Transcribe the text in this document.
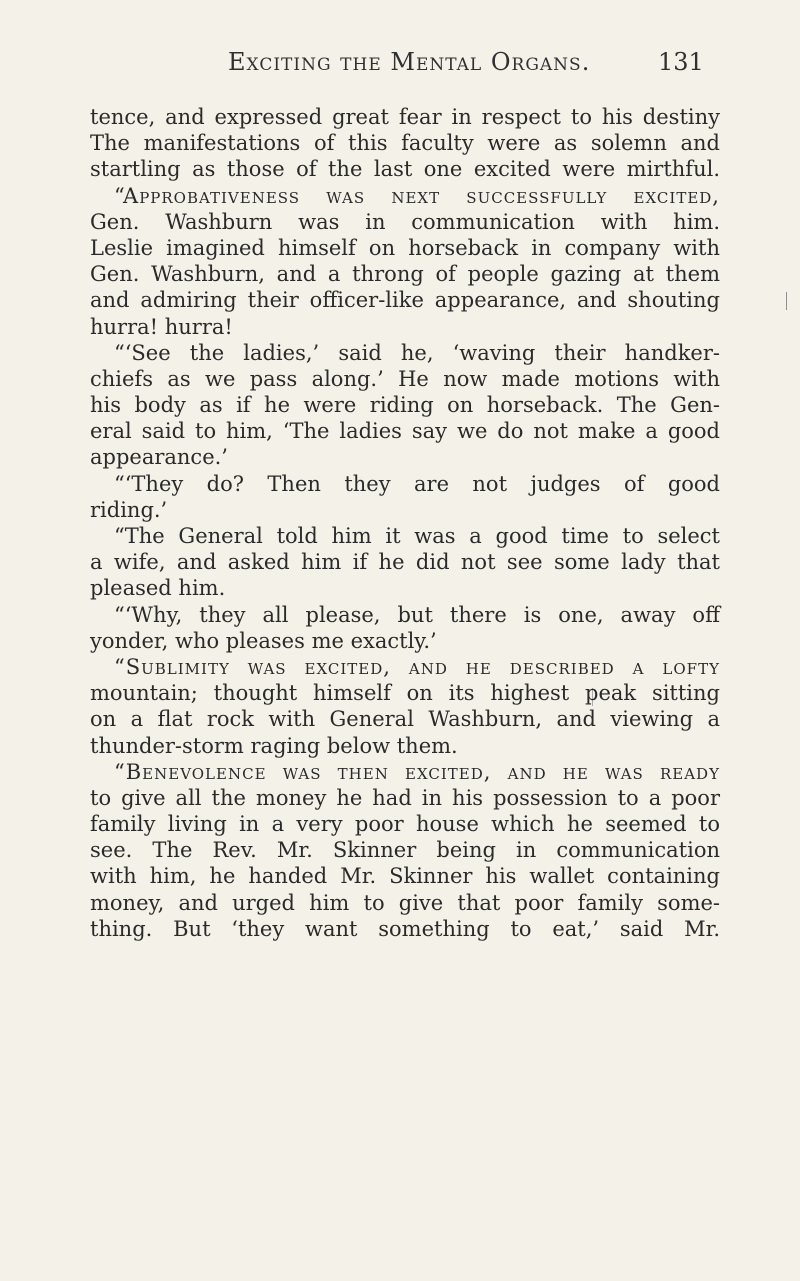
Exciting the Mental Organs.	131
tence, and expressed great fear in respect to his destiny
The manifestations of this faculty were as solemn and
startling as those of the last one excited were mirthful.
“Approbativeness was next successfully excited,
Gen. Washburn was in communication with him.
Leslie imagined himself on horseback in company with
Gen. Washburn, and a throng of people gazing at them
and admiring their officer-like appearance, and shouting
hurra! hurra!
“‘See the ladies,’ said he, ‘waving their handker-
chiefs as we pass along.’ He now made motions with
his body as if he were riding on horseback. The Gen-
eral said to him, ‘The ladies say we do not make a good
appearance.’
“‘They do? Then they are not judges of good
riding.’
“The General told him it was a good time to select
a wife, and asked him if he did not see some lady that
pleased him.
“‘Why, they all please, but there is one, away off
yonder, who pleases me exactly.’
“Sublimity was excited, and he described a lofty
mountain; thought himself on its highest peak sitting
on a flat rock with General Washburn, and viewing a
thunder-storm raging below them.
“Benevolence was then excited, and he was ready
to give all the money he had in his possession to a poor
family living in a very poor house which he seemed to
see. The Rev. Mr. Skinner being in communication
with him, he handed Mr. Skinner his wallet containing
money, and urged him to give that poor family some-
thing. But ‘they want something to eat,’ said Mr.
